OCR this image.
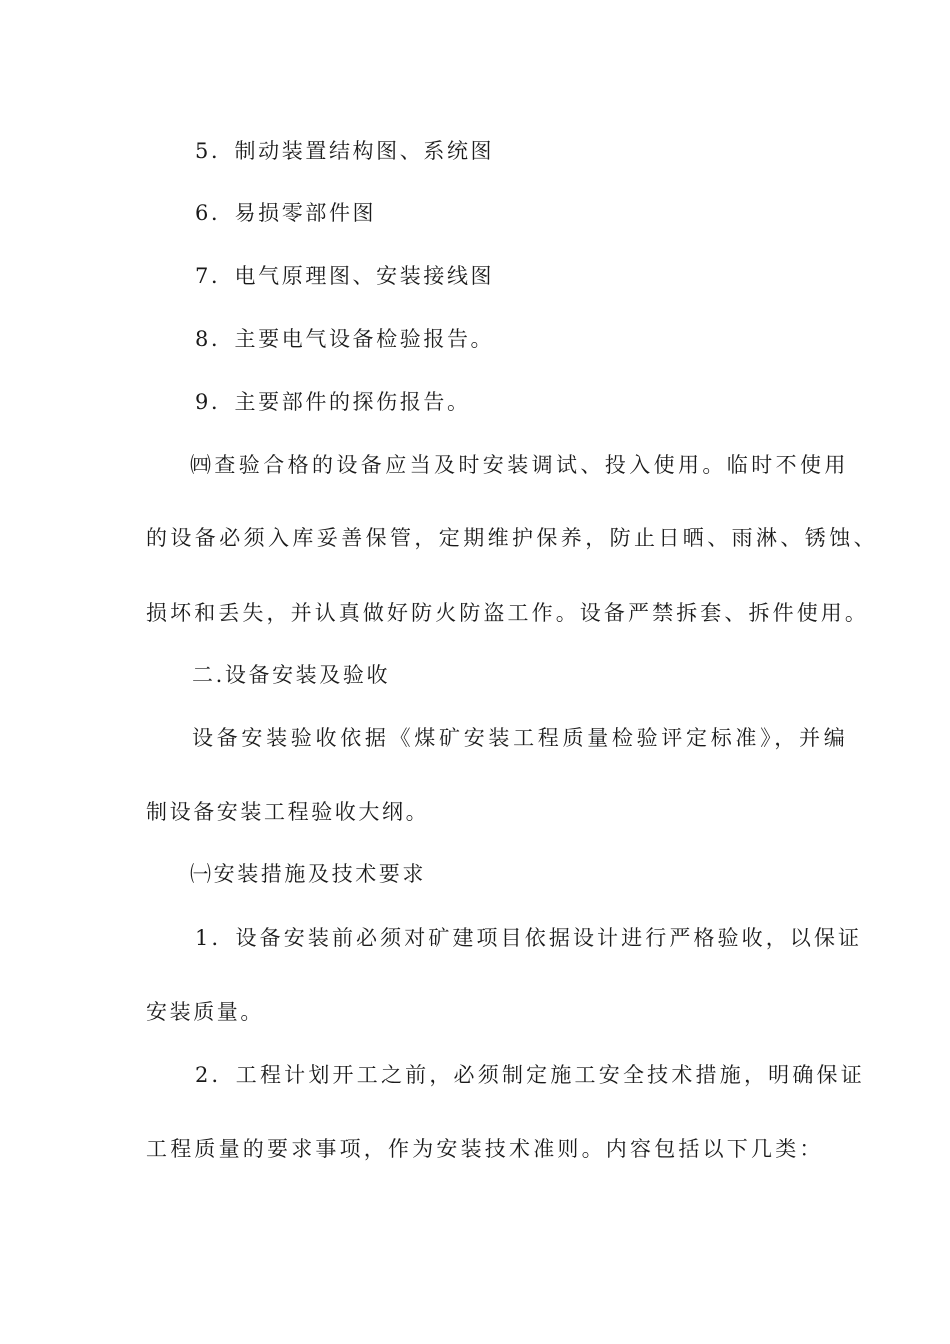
5．制动装置结构图、系统图
6．易损零部件图
7．电气原理图、安装接线图
8．主要电气设备检验报告。
9．主要部件的探伤报告。
㈣查验合格的设备应当及时安装调试、投入使用。临时不使用
的设备必须入库妥善保管，定期维护保养，防止日晒、雨淋、锈蚀、
损坏和丢失，并认真做好防火防盗工作。设备严禁拆套、拆件使用。
二.设备安装及验收
设备安装验收依据《煤矿安装工程质量检验评定标准》，并编
制设备安装工程验收大纲。
㈠安装措施及技术要求
1．设备安装前必须对矿建项目依据设计进行严格验收，以保证
安装质量。
2．工程计划开工之前，必须制定施工安全技术措施，明确保证
工程质量的要求事项，作为安装技术准则。内容包括以下几类：
